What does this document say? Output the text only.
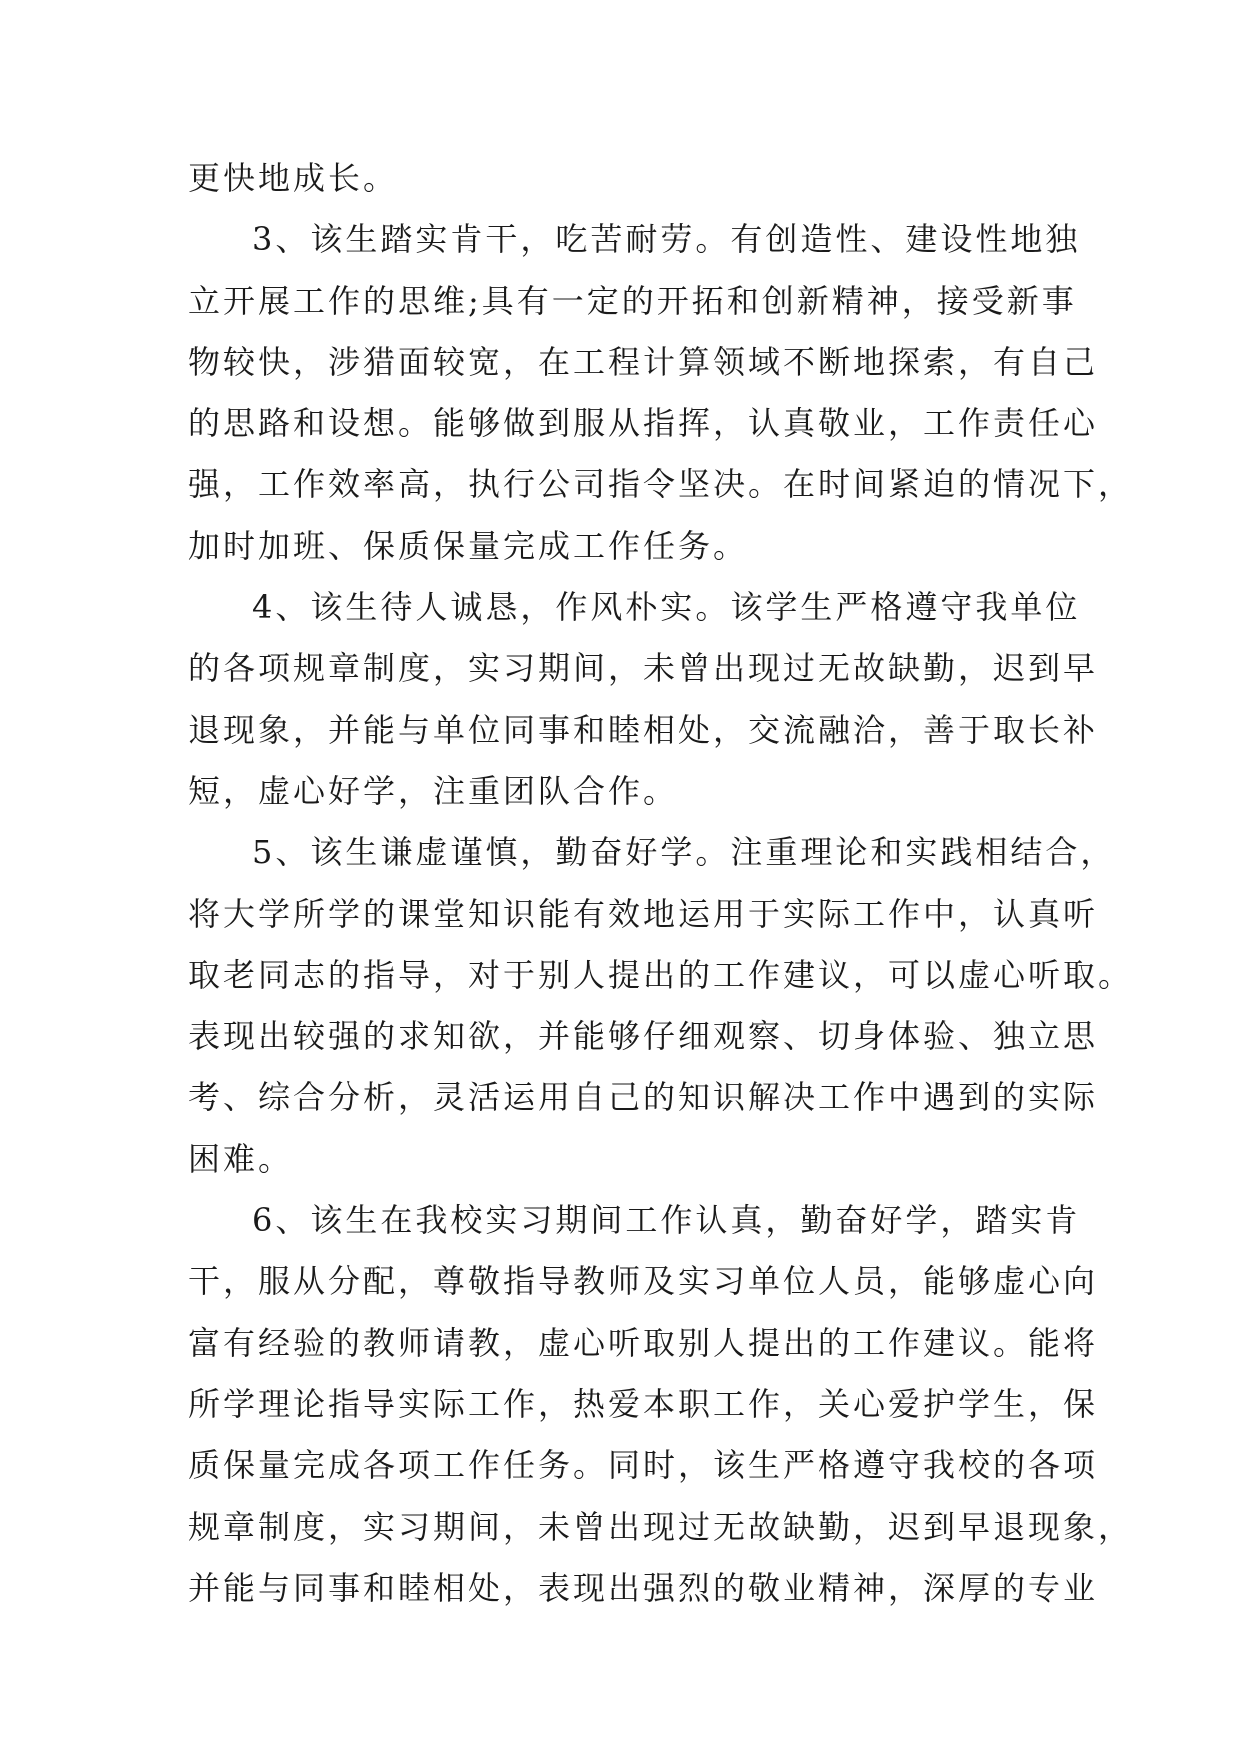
更快地成长。
3、该生踏实肯干，吃苦耐劳。有创造性、建设性地独
立开展工作的思维;具有一定的开拓和创新精神，接受新事
物较快，涉猎面较宽，在工程计算领域不断地探索，有自己
的思路和设想。能够做到服从指挥，认真敬业，工作责任心
强，工作效率高，执行公司指令坚决。在时间紧迫的情况下，
加时加班、保质保量完成工作任务。
4、该生待人诚恳，作风朴实。该学生严格遵守我单位
的各项规章制度，实习期间，未曾出现过无故缺勤，迟到早
退现象，并能与单位同事和睦相处，交流融洽，善于取长补
短，虚心好学，注重团队合作。
5、该生谦虚谨慎，勤奋好学。注重理论和实践相结合，
将大学所学的课堂知识能有效地运用于实际工作中，认真听
取老同志的指导，对于别人提出的工作建议，可以虚心听取。
表现出较强的求知欲，并能够仔细观察、切身体验、独立思
考、综合分析，灵活运用自己的知识解决工作中遇到的实际
困难。
6、该生在我校实习期间工作认真，勤奋好学，踏实肯
干，服从分配，尊敬指导教师及实习单位人员，能够虚心向
富有经验的教师请教，虚心听取别人提出的工作建议。能将
所学理论指导实际工作，热爱本职工作，关心爱护学生，保
质保量完成各项工作任务。同时，该生严格遵守我校的各项
规章制度，实习期间，未曾出现过无故缺勤，迟到早退现象，
并能与同事和睦相处，表现出强烈的敬业精神，深厚的专业
